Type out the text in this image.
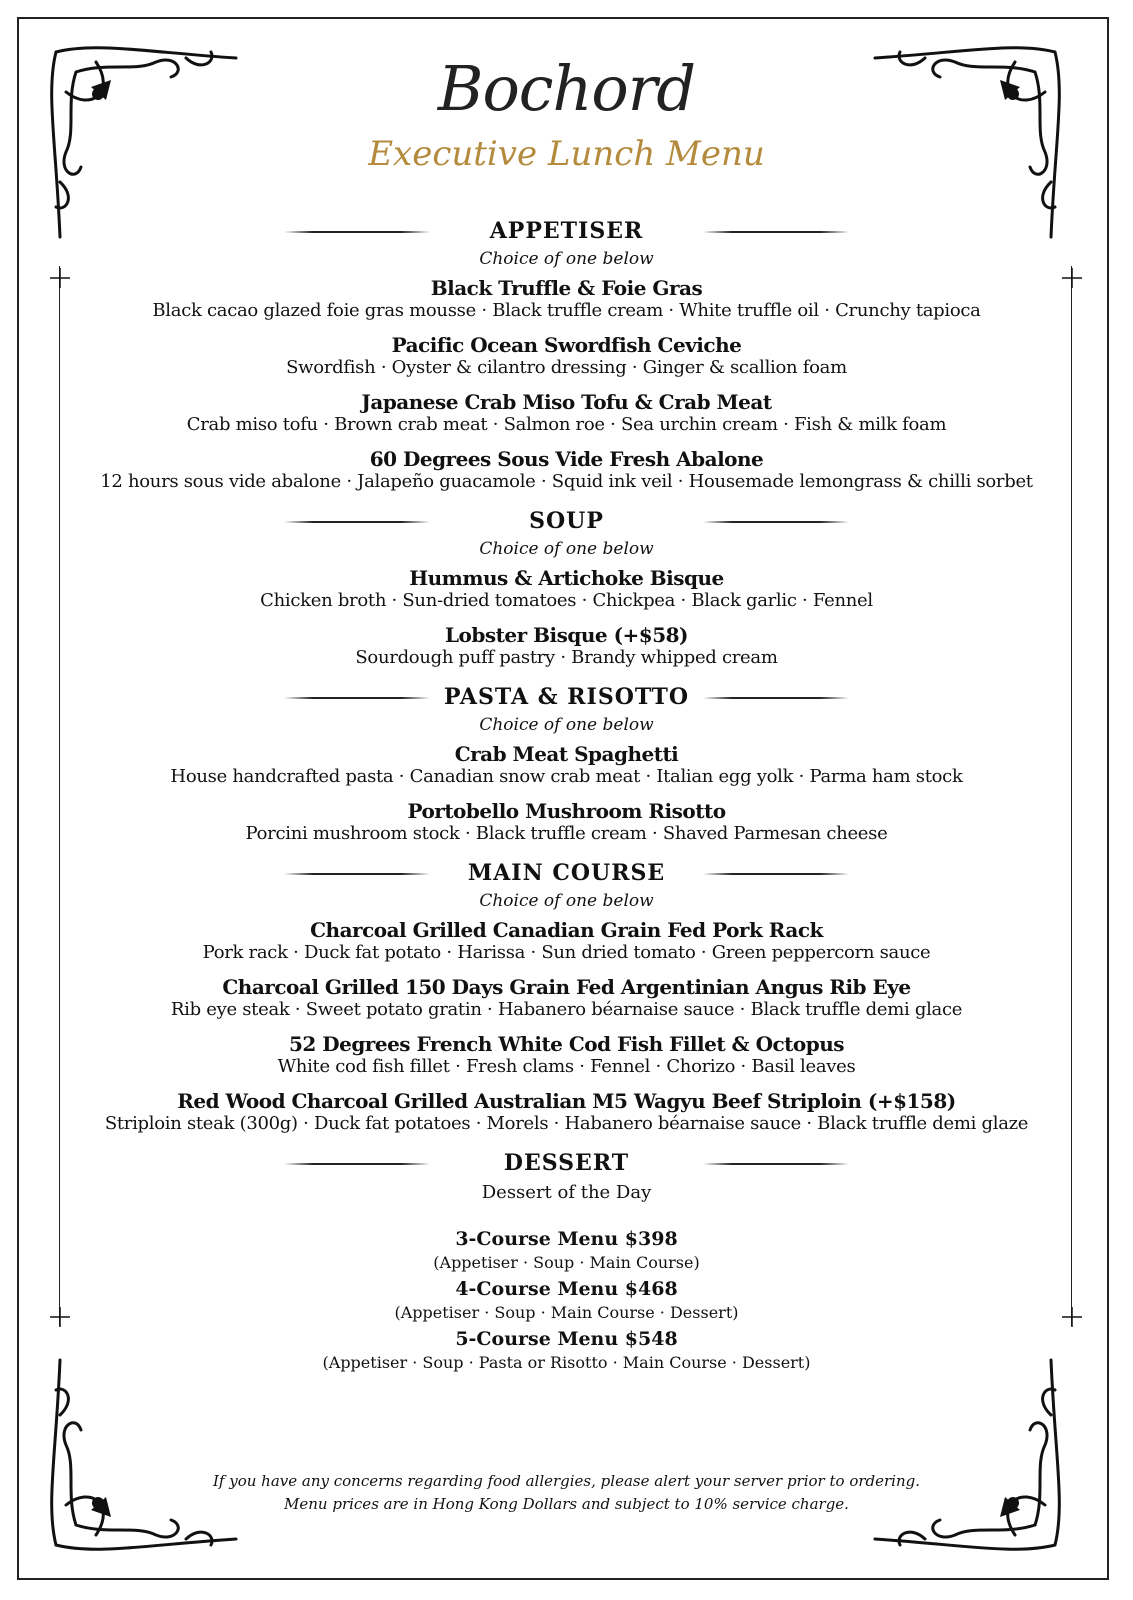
Bochord
Executive Lunch Menu
APPETISER
Choice of one below
Black Truffle & Foie Gras
Black cacao glazed foie gras mousse · Black truffle cream · White truffle oil · Crunchy tapioca
Pacific Ocean Swordfish Ceviche
Swordfish · Oyster & cilantro dressing · Ginger & scallion foam
Japanese Crab Miso Tofu & Crab Meat
Crab miso tofu · Brown crab meat · Salmon roe · Sea urchin cream · Fish & milk foam
60 Degrees Sous Vide Fresh Abalone
12 hours sous vide abalone · Jalapeño guacamole · Squid ink veil · Housemade lemongrass & chilli sorbet
SOUP
Choice of one below
Hummus & Artichoke Bisque
Chicken broth · Sun-dried tomatoes · Chickpea · Black garlic · Fennel
Lobster Bisque (+$58)
Sourdough puff pastry · Brandy whipped cream
PASTA & RISOTTO
Choice of one below
Crab Meat Spaghetti
House handcrafted pasta · Canadian snow crab meat · Italian egg yolk · Parma ham stock
Portobello Mushroom Risotto
Porcini mushroom stock · Black truffle cream · Shaved Parmesan cheese
MAIN COURSE
Choice of one below
Charcoal Grilled Canadian Grain Fed Pork Rack
Pork rack · Duck fat potato · Harissa · Sun dried tomato · Green peppercorn sauce
Charcoal Grilled 150 Days Grain Fed Argentinian Angus Rib Eye
Rib eye steak · Sweet potato gratin · Habanero béarnaise sauce · Black truffle demi glace
52 Degrees French White Cod Fish Fillet & Octopus
White cod fish fillet · Fresh clams · Fennel · Chorizo · Basil leaves
Red Wood Charcoal Grilled Australian M5 Wagyu Beef Striploin (+$158)
Striploin steak (300g) · Duck fat potatoes · Morels · Habanero béarnaise sauce · Black truffle demi glaze
DESSERT
Dessert of the Day
3-Course Menu $398
(Appetiser · Soup · Main Course)
4-Course Menu $468
(Appetiser · Soup · Main Course · Dessert)
5-Course Menu $548
(Appetiser · Soup · Pasta or Risotto · Main Course · Dessert)
If you have any concerns regarding food allergies, please alert your server prior to ordering.
Menu prices are in Hong Kong Dollars and subject to 10% service charge.
